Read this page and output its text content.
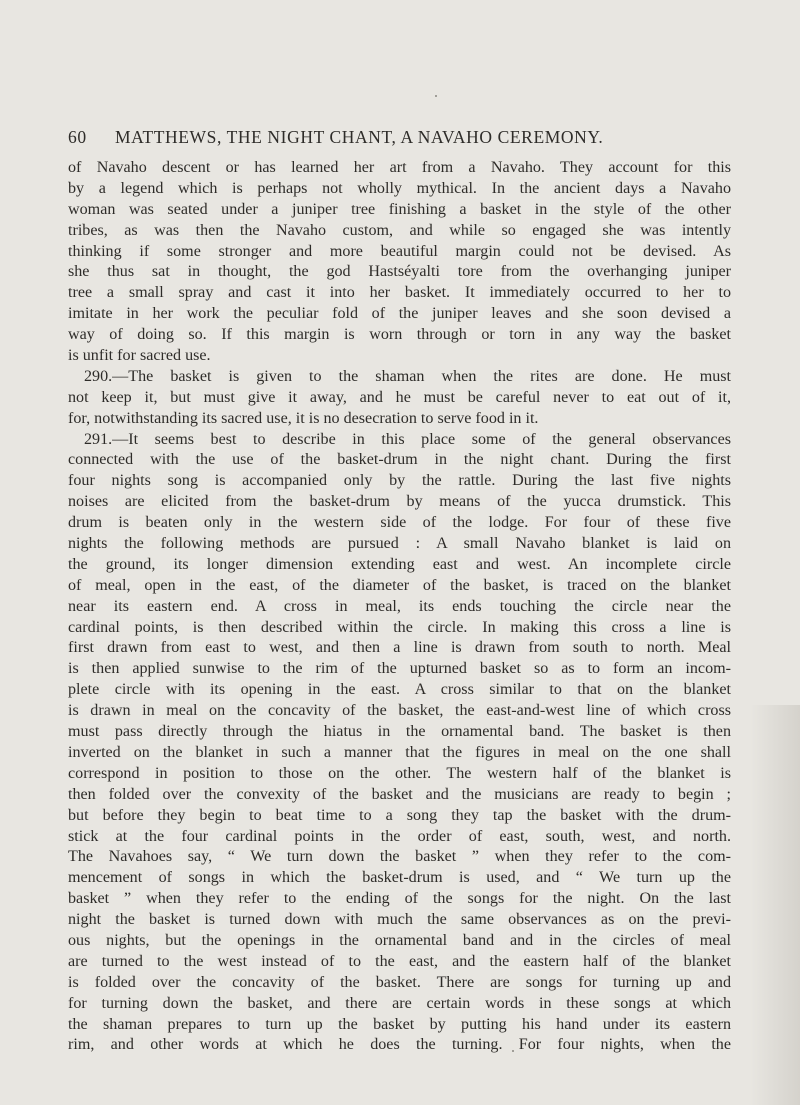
60 MATTHEWS, THE NIGHT CHANT, A NAVAHO CEREMONY.
of Navaho descent or has learned her art from a Navaho. They account for this
by a legend which is perhaps not wholly mythical. In the ancient days a Navaho
woman was seated under a juniper tree finishing a basket in the style of the other
tribes, as was then the Navaho custom, and while so engaged she was intently
thinking if some stronger and more beautiful margin could not be devised. As
she thus sat in thought, the god Hastséyalti tore from the overhanging juniper
tree a small spray and cast it into her basket. It immediately occurred to her to
imitate in her work the peculiar fold of the juniper leaves and she soon devised a
way of doing so. If this margin is worn through or torn in any way the basket
is unfit for sacred use.
290.—The basket is given to the shaman when the rites are done. He must
not keep it, but must give it away, and he must be careful never to eat out of it,
for, notwithstanding its sacred use, it is no desecration to serve food in it.
291.—It seems best to describe in this place some of the general observances
connected with the use of the basket-drum in the night chant. During the first
four nights song is accompanied only by the rattle. During the last five nights
noises are elicited from the basket-drum by means of the yucca drumstick. This
drum is beaten only in the western side of the lodge. For four of these five
nights the following methods are pursued : A small Navaho blanket is laid on
the ground, its longer dimension extending east and west. An incomplete circle
of meal, open in the east, of the diameter of the basket, is traced on the blanket
near its eastern end. A cross in meal, its ends touching the circle near the
cardinal points, is then described within the circle. In making this cross a line is
first drawn from east to west, and then a line is drawn from south to north. Meal
is then applied sunwise to the rim of the upturned basket so as to form an incom-
plete circle with its opening in the east. A cross similar to that on the blanket
is drawn in meal on the concavity of the basket, the east-and-west line of which cross
must pass directly through the hiatus in the ornamental band. The basket is then
inverted on the blanket in such a manner that the figures in meal on the one shall
correspond in position to those on the other. The western half of the blanket is
then folded over the convexity of the basket and the musicians are ready to begin ;
but before they begin to beat time to a song they tap the basket with the drum-
stick at the four cardinal points in the order of east, south, west, and north.
The Navahoes say, “ We turn down the basket ” when they refer to the com-
mencement of songs in which the basket-drum is used, and “ We turn up the
basket ” when they refer to the ending of the songs for the night. On the last
night the basket is turned down with much the same observances as on the previ-
ous nights, but the openings in the ornamental band and in the circles of meal
are turned to the west instead of to the east, and the eastern half of the blanket
is folded over the concavity of the basket. There are songs for turning up and
for turning down the basket, and there are certain words in these songs at which
the shaman prepares to turn up the basket by putting his hand under its eastern
rim, and other words at which he does the turning. For four nights, when the
